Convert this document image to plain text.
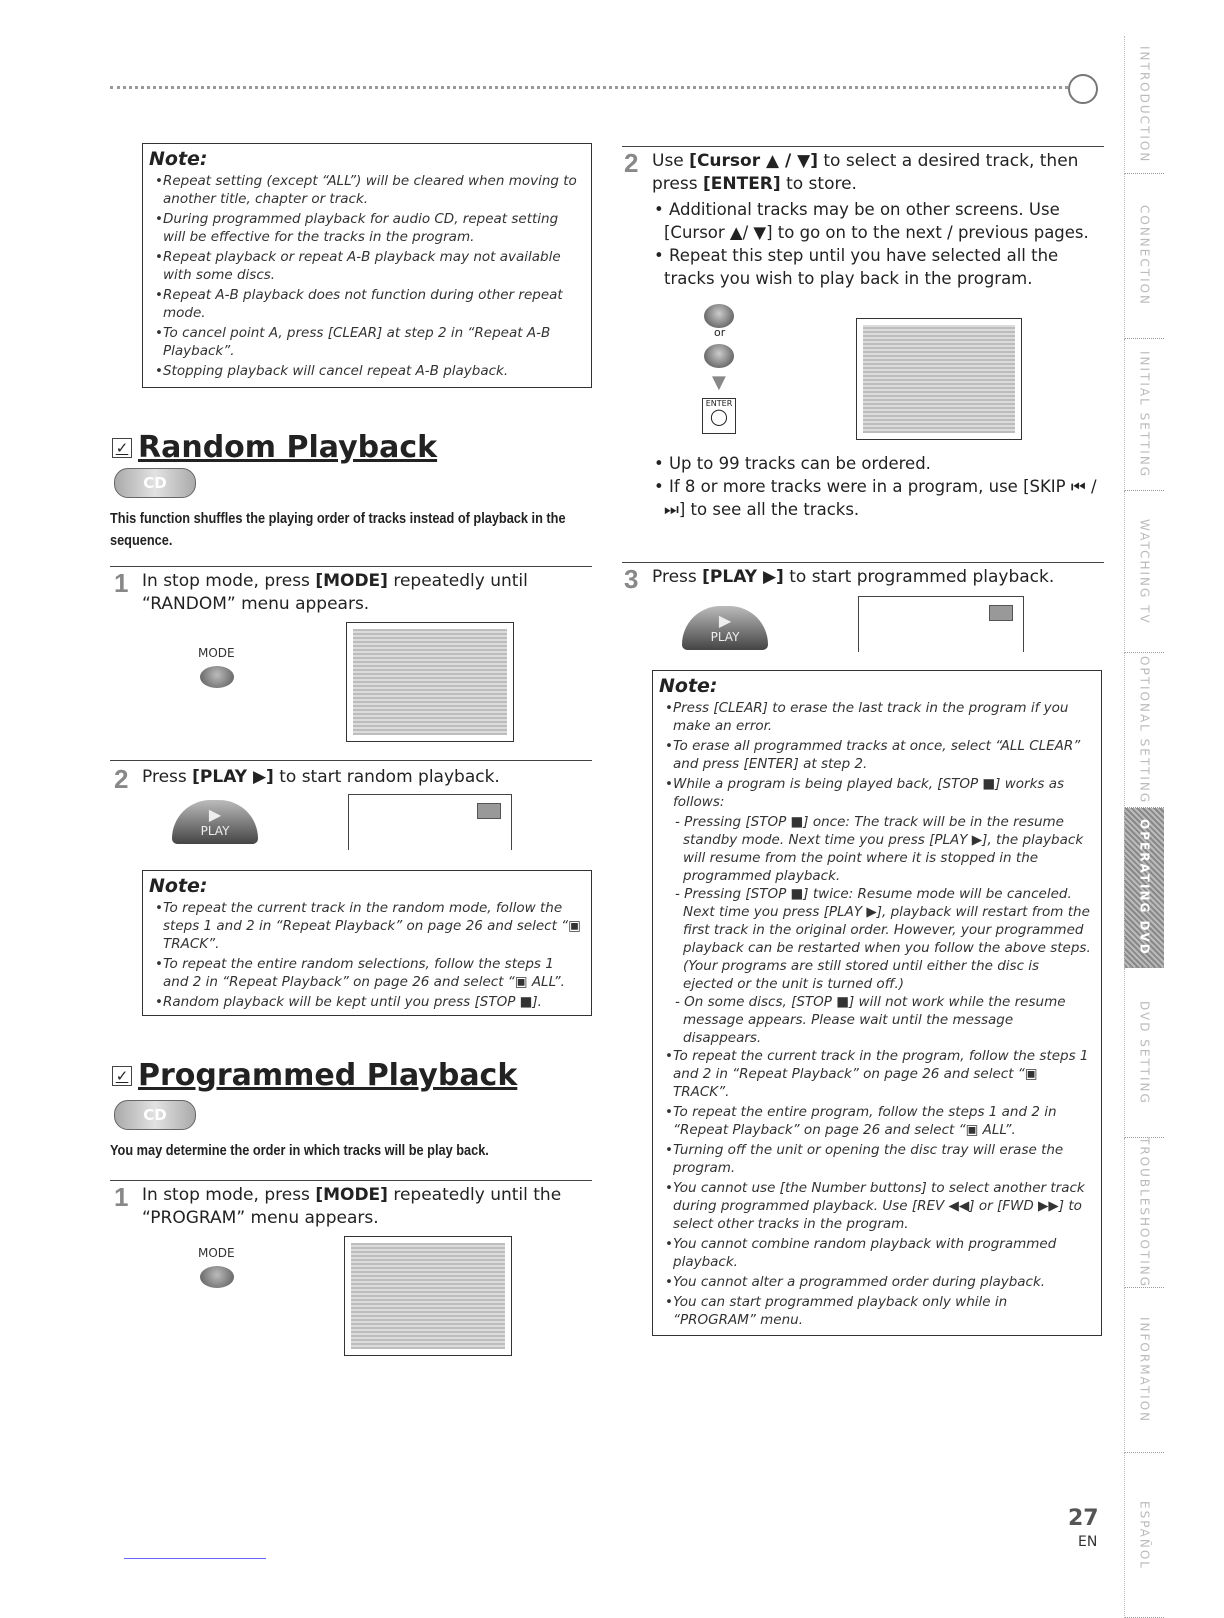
Note:
• Repeat setting (except “ALL”) will be cleared when moving to another title, chapter or track.
• During programmed playback for audio CD, repeat setting will be effective for the tracks in the program.
• Repeat playback or repeat A-B playback may not available with some discs.
• Repeat A-B playback does not function during other repeat mode.
• To cancel point A, press [CLEAR] at step 2 in “Repeat A-B Playback”.
• Stopping playback will cancel repeat A-B playback.
✓ Random Playback
CD
This function shuffles the playing order of tracks instead of playback in the sequence.
1 In stop mode, press [MODE] repeatedly until “RANDOM” menu appears.
MODE
2 Press [PLAY ▶] to start random playback.
▶
PLAY
Note:
• To repeat the current track in the random mode, follow the steps 1 and 2 in “Repeat Playback” on page 26 and select “▣ TRACK”.
• To repeat the entire random selections, follow the steps 1 and 2 in “Repeat Playback” on page 26 and select “▣ ALL”.
• Random playback will be kept until you press [STOP ■].
✓ Programmed Playback
CD
You may determine the order in which tracks will be play back.
1 In stop mode, press [MODE] repeatedly until the “PROGRAM” menu appears.
MODE
2 Use [Cursor ▲ / ▼] to select a desired track, then press [ENTER] to store.
• Additional tracks may be on other screens. Use [Cursor ▲/ ▼] to go on to the next / previous pages.
• Repeat this step until you have selected all the tracks you wish to play back in the program.
or
▼
ENTER
◯
• Up to 99 tracks can be ordered.
• If 8 or more tracks were in a program, use [SKIP ⏮ / ⏭] to see all the tracks.
3 Press [PLAY ▶] to start programmed playback.
▶
PLAY
Note:
• Press [CLEAR] to erase the last track in the program if you make an error.
• To erase all programmed tracks at once, select “ALL CLEAR” and press [ENTER] at step 2.
• While a program is being played back, [STOP ■] works as follows:
- Pressing [STOP ■] once: The track will be in the resume standby mode. Next time you press [PLAY ▶], the playback will resume from the point where it is stopped in the programmed playback.
- Pressing [STOP ■] twice: Resume mode will be canceled. Next time you press [PLAY ▶], playback will restart from the first track in the original order. However, your programmed playback can be restarted when you follow the above steps. (Your programs are still stored until either the disc is ejected or the unit is turned off.)
- On some discs, [STOP ■] will not work while the resume message appears. Please wait until the message disappears.
• To repeat the current track in the program, follow the steps 1 and 2 in “Repeat Playback” on page 26 and select “▣ TRACK”.
• To repeat the entire program, follow the steps 1 and 2 in “Repeat Playback” on page 26 and select “▣ ALL”.
• Turning off the unit or opening the disc tray will erase the program.
• You cannot use [the Number buttons] to select another track during programmed playback. Use [REV ◀◀] or [FWD ▶▶] to select other tracks in the program.
• You cannot combine random playback with programmed playback.
• You cannot alter a programmed order during playback.
• You can start programmed playback only while in “PROGRAM” menu.
INTRODUCTION
CONNECTION
INITIAL SETTING
WATCHING TV
OPTIONAL SETTING
OPERATING DVD
DVD SETTING
TROUBLESHOOTING
INFORMATION
ESPAÑOL
27
EN
